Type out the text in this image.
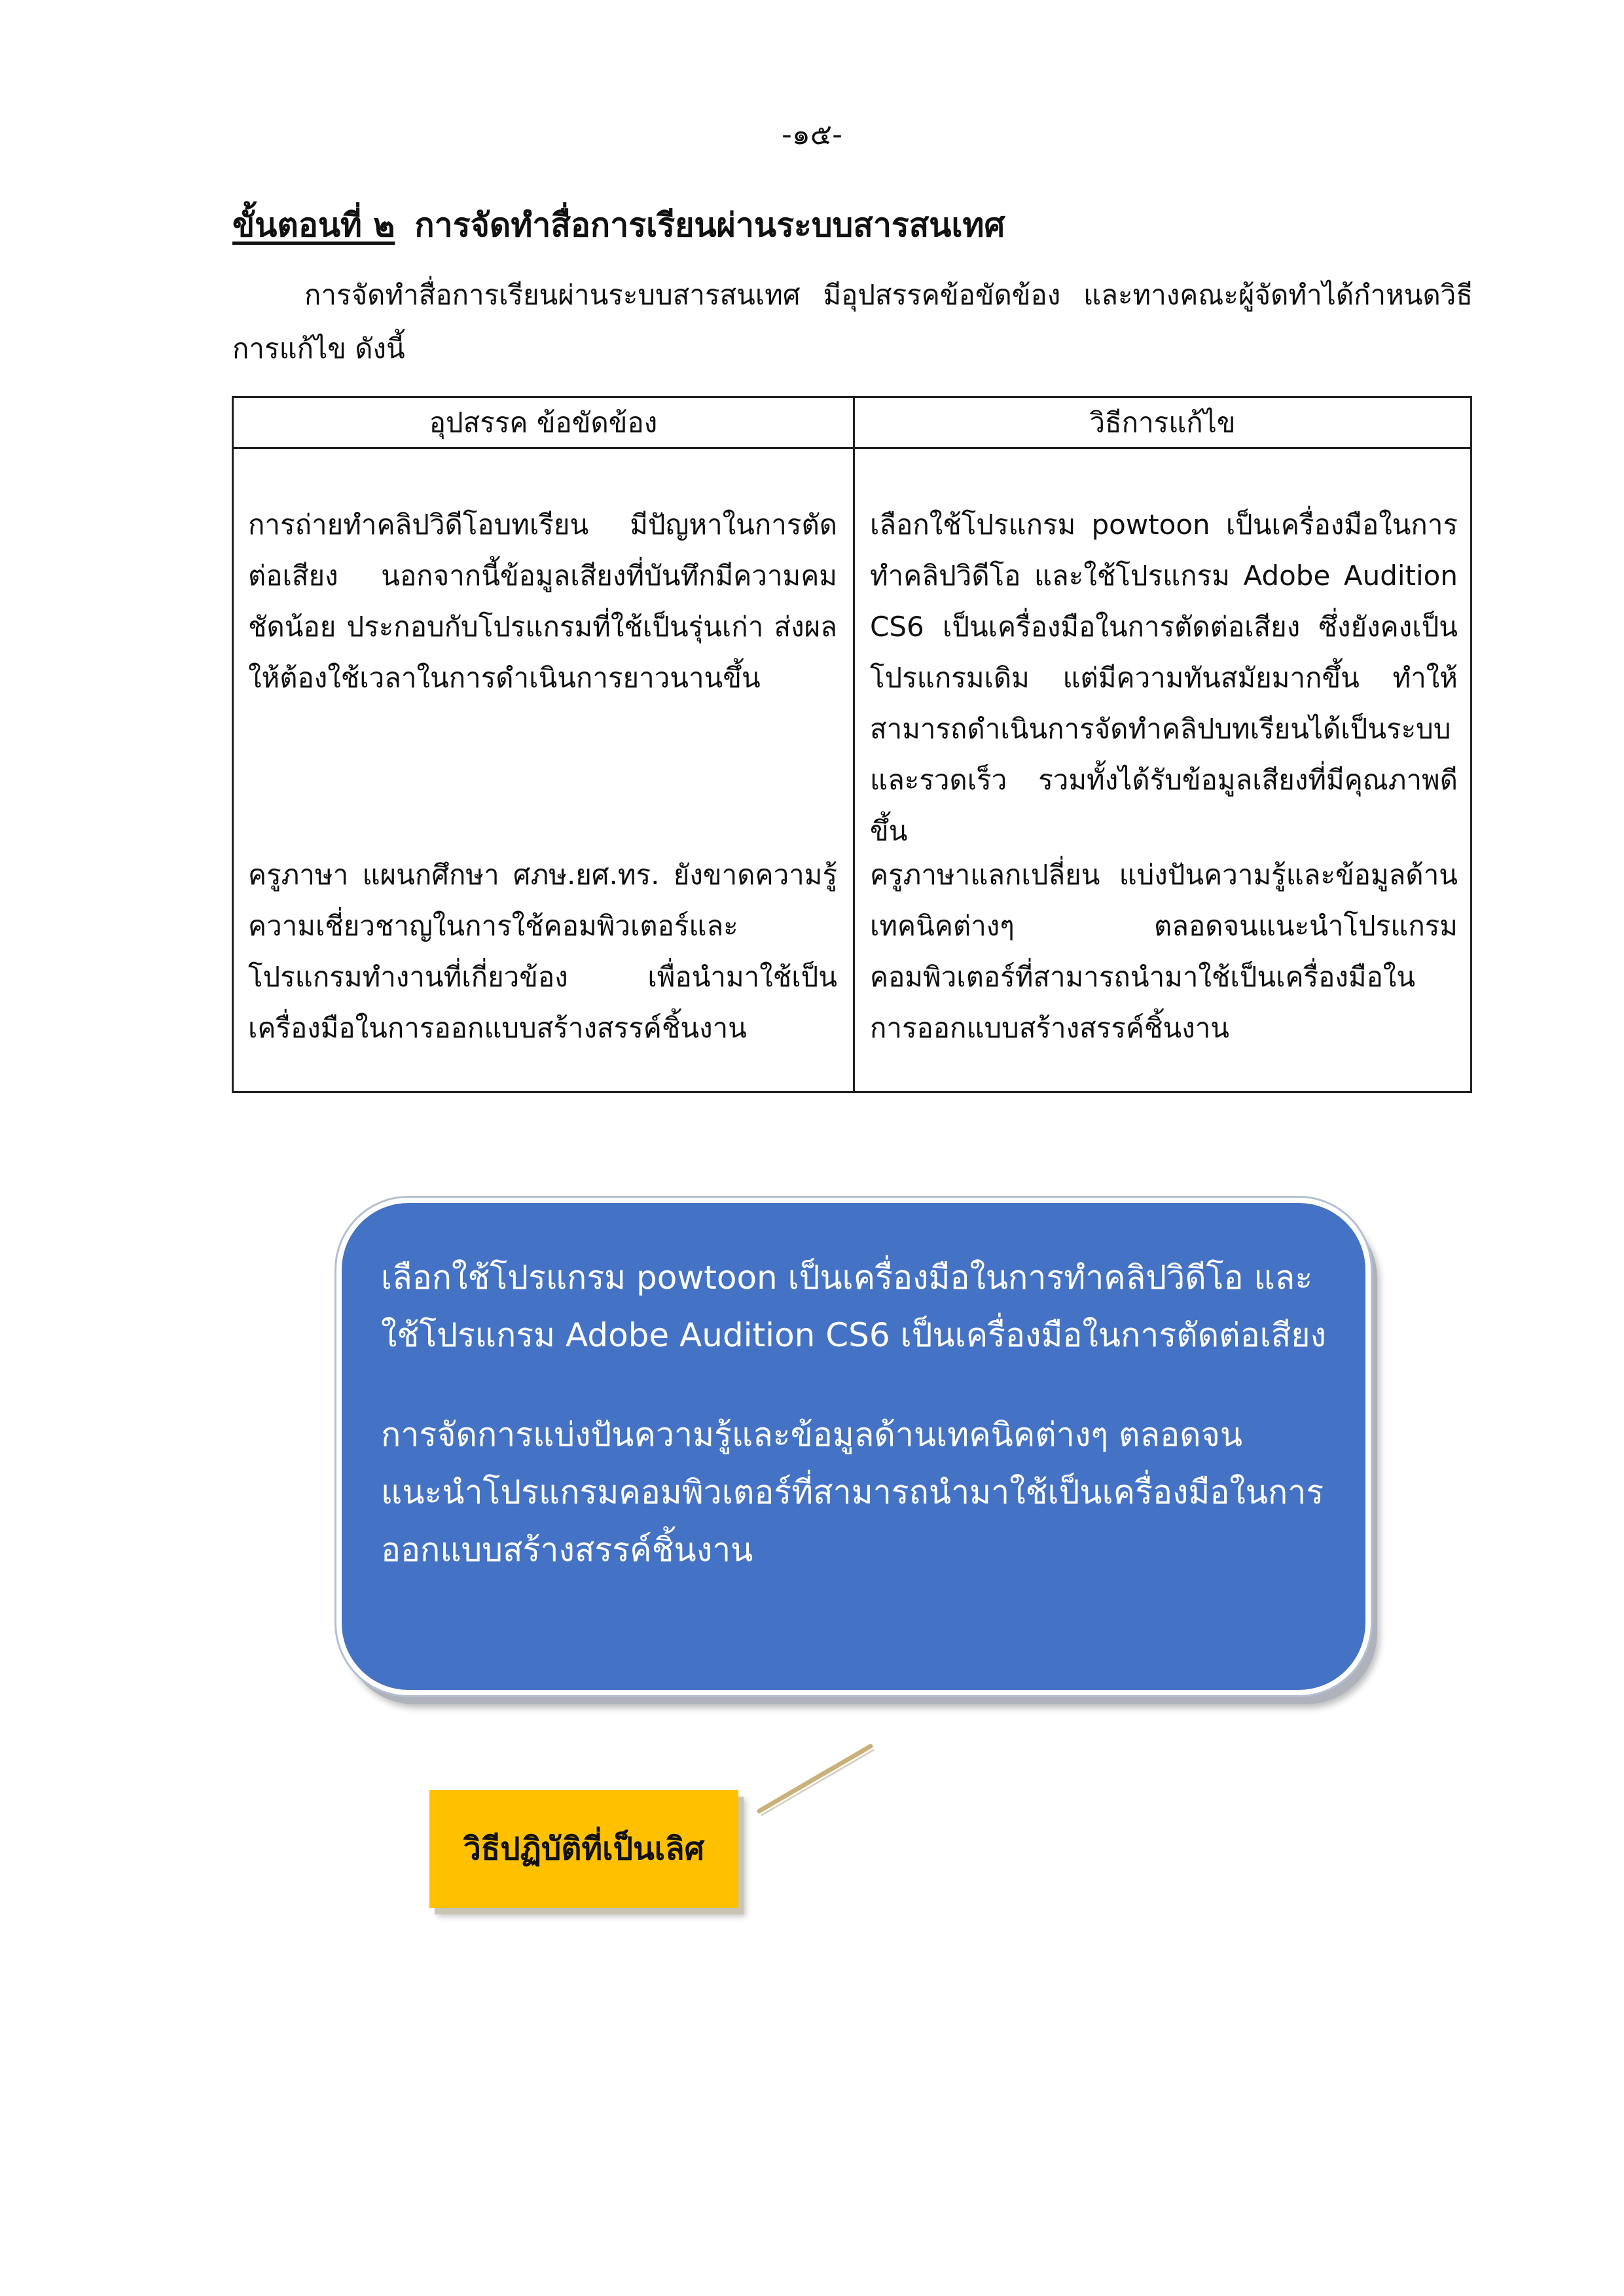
-๑๕-
ขั้นตอนที่ ๒ การจัดทำสื่อการเรียนผ่านระบบสารสนเทศ

การจัดทำสื่อการเรียนผ่านระบบสารสนเทศ มีอุปสรรคข้อขัดข้อง และทางคณะผู้จัดทำได้กำหนดวิธีการแก้ไข ดังนี้

อุปสรรค ข้อขัดข้อง	วิธีการแก้ไข

การถ่ายทำคลิปวิดีโอบทเรียน มีปัญหาในการตัดต่อเสียง นอกจากนี้ข้อมูลเสียงที่บันทึกมีความคมชัดน้อย ประกอบกับโปรแกรมที่ใช้เป็นรุ่นเก่า ส่งผลให้ต้องใช้เวลาในการดำเนินการยาวนานขึ้น

เลือกใช้โปรแกรม powtoon เป็นเครื่องมือในการทำคลิปวิดีโอ และใช้โปรแกรม Adobe Audition CS6 เป็นเครื่องมือในการตัดต่อเสียง ซึ่งยังคงเป็นโปรแกรมเดิม แต่มีความทันสมัยมากขึ้น ทำให้สามารถดำเนินการจัดทำคลิปบทเรียนได้เป็นระบบและรวดเร็ว รวมทั้งได้รับข้อมูลเสียงที่มีคุณภาพดีขึ้น

ครูภาษา แผนกศึกษา ศภษ.ยศ.ทร. ยังขาดความรู้ความเชี่ยวชาญในการใช้คอมพิวเตอร์และโปรแกรมทำงานที่เกี่ยวข้อง เพื่อนำมาใช้เป็นเครื่องมือในการออกแบบสร้างสรรค์ชิ้นงาน

ครูภาษาแลกเปลี่ยน แบ่งปันความรู้และข้อมูลด้านเทคนิคต่างๆ ตลอดจนแนะนำโปรแกรมคอมพิวเตอร์ที่สามารถนำมาใช้เป็นเครื่องมือในการออกแบบสร้างสรรค์ชิ้นงาน

เลือกใช้โปรแกรม powtoon เป็นเครื่องมือในการทำคลิปวิดีโอ และใช้โปรแกรม Adobe Audition CS6 เป็นเครื่องมือในการตัดต่อเสียง

การจัดการแบ่งปันความรู้และข้อมูลด้านเทคนิคต่างๆ ตลอดจนแนะนำโปรแกรมคอมพิวเตอร์ที่สามารถนำมาใช้เป็นเครื่องมือในการออกแบบสร้างสรรค์ชิ้นงาน

วิธีปฏิบัติที่เป็นเลิศ
